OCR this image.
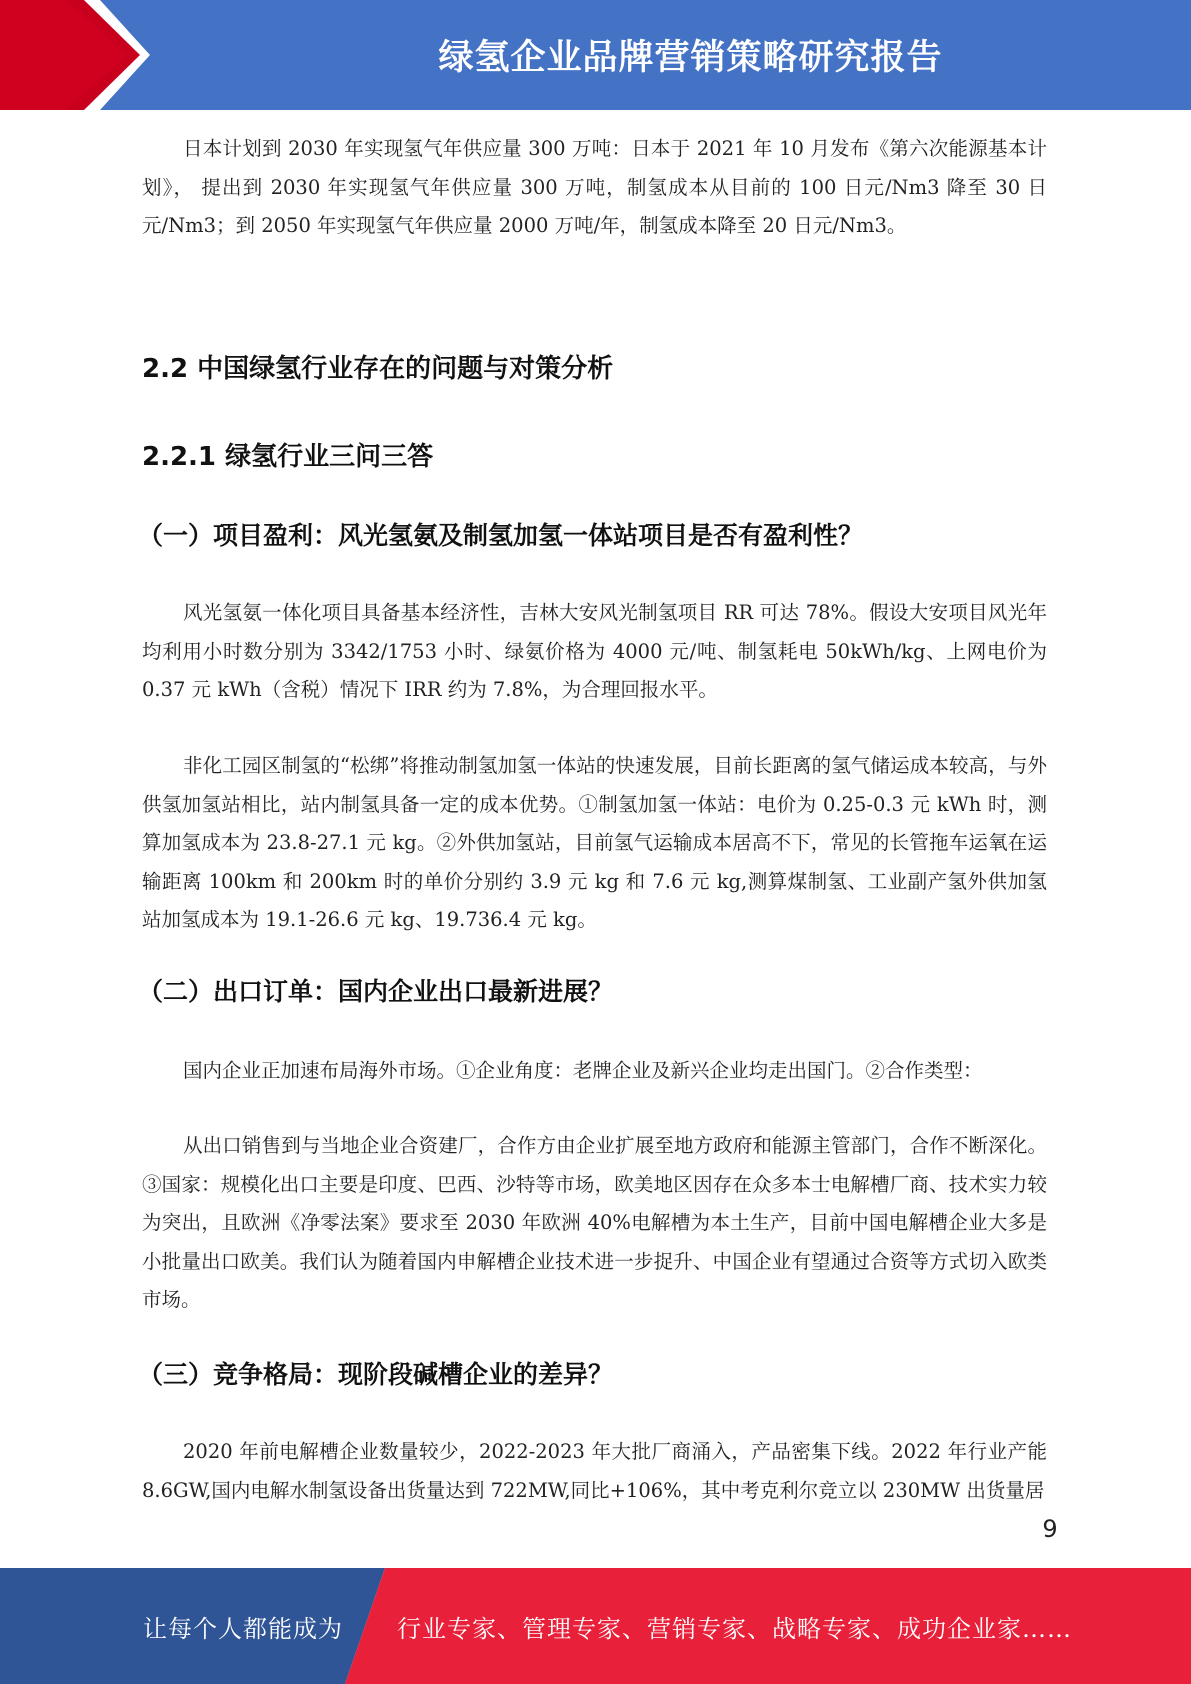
绿氢企业品牌营销策略研究报告

日本计划到 2030 年实现氢气年供应量 300 万吨：日本于 2021 年 10 月发布《第六次能源基本计划》， 提出到 2030 年实现氢气年供应量 300 万吨，制氢成本从目前的 100 日元/Nm3 降至 30 日元/Nm3；到 2050 年实现氢气年供应量 2000 万吨/年，制氢成本降至 20 日元/Nm3。

2.2 中国绿氢行业存在的问题与对策分析
2.2.1 绿氢行业三问三答
（一）项目盈利：风光氢氨及制氢加氢一体站项目是否有盈利性？

风光氢氨一体化项目具备基本经济性，吉林大安风光制氢项目 RR 可达 78%。假设大安项目风光年均利用小时数分别为 3342/1753 小时、绿氨价格为 4000 元/吨、制氢耗电 50kWh/kg、上网电价为 0.37 元 kWh（含税）情况下 IRR 约为 7.8%，为合理回报水平。

非化工园区制氢的“松绑”将推动制氢加氢一体站的快速发展，目前长距离的氢气储运成本较高，与外供氢加氢站相比，站内制氢具备一定的成本优势。①制氢加氢一体站：电价为 0.25-0.3 元 kWh 时，测算加氢成本为 23.8-27.1 元 kg。②外供加氢站，目前氢气运输成本居高不下，常见的长管拖车运氧在运输距离 100km 和 200km 时的单价分别约 3.9 元 kg 和 7.6 元 kg,测算煤制氢、工业副产氢外供加氢站加氢成本为 19.1-26.6 元 kg、19.736.4 元 kg。

（二）出口订单：国内企业出口最新进展？

国内企业正加速布局海外市场。①企业角度：老牌企业及新兴企业均走出国门。②合作类型：

从出口销售到与当地企业合资建厂，合作方由企业扩展至地方政府和能源主管部门，合作不断深化。③国家：规模化出口主要是印度、巴西、沙特等市场，欧美地区因存在众多本士电解槽厂商、技术实力较为突出，且欧洲《净零法案》要求至 2030 年欧洲 40%电解槽为本土生产，目前中国电解槽企业大多是小批量出口欧美。我们认为随着国内申解槽企业技术进一步捉升、中国企业有望通过合资等方式切入欧类市场。

（三）竞争格局：现阶段碱槽企业的差异？

2020 年前电解槽企业数量较少，2022-2023 年大批厂商涌入，产品密集下线。2022 年行业产能 8.6GW,国内电解水制氢设备出货量达到 722MW,同比+106%，其中考克利尔竞立以 230MW 出货量居

9
让每个人都能成为 行业专家、管理专家、营销专家、战略专家、成功企业家……
